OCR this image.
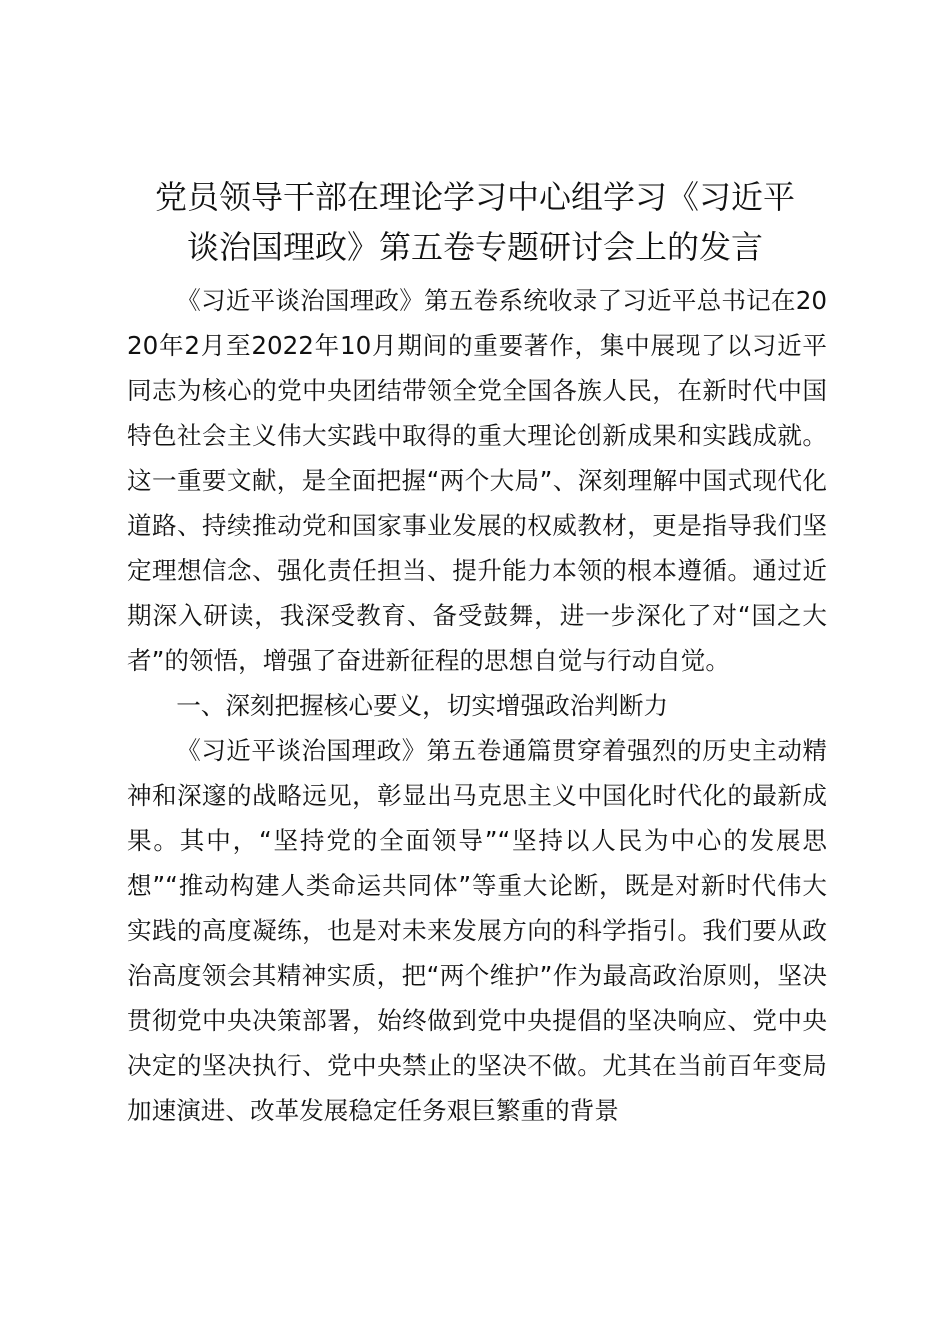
党员领导干部在理论学习中心组学习《习近平
谈治国理政》第五卷专题研讨会上的发言

《习近平谈治国理政》第五卷系统收录了习近平总书记在2020年2月至2022年10月期间的重要著作，集中展现了以习近平同志为核心的党中央团结带领全党全国各族人民，在新时代中国特色社会主义伟大实践中取得的重大理论创新成果和实践成就。这一重要文献，是全面把握“两个大局”、深刻理解中国式现代化道路、持续推动党和国家事业发展的权威教材，更是指导我们坚定理想信念、强化责任担当、提升能力本领的根本遵循。通过近期深入研读，我深受教育、备受鼓舞，进一步深化了对“国之大者”的领悟，增强了奋进新征程的思想自觉与行动自觉。

一、深刻把握核心要义，切实增强政治判断力

《习近平谈治国理政》第五卷通篇贯穿着强烈的历史主动精神和深邃的战略远见，彰显出马克思主义中国化时代化的最新成果。其中，“坚持党的全面领导”“坚持以人民为中心的发展思想”“推动构建人类命运共同体”等重大论断，既是对新时代伟大实践的高度凝练，也是对未来发展方向的科学指引。我们要从政治高度领会其精神实质，把“两个维护”作为最高政治原则，坚决贯彻党中央决策部署，始终做到党中央提倡的坚决响应、党中央决定的坚决执行、党中央禁止的坚决不做。尤其在当前百年变局加速演进、改革发展稳定任务艰巨繁重的背景
